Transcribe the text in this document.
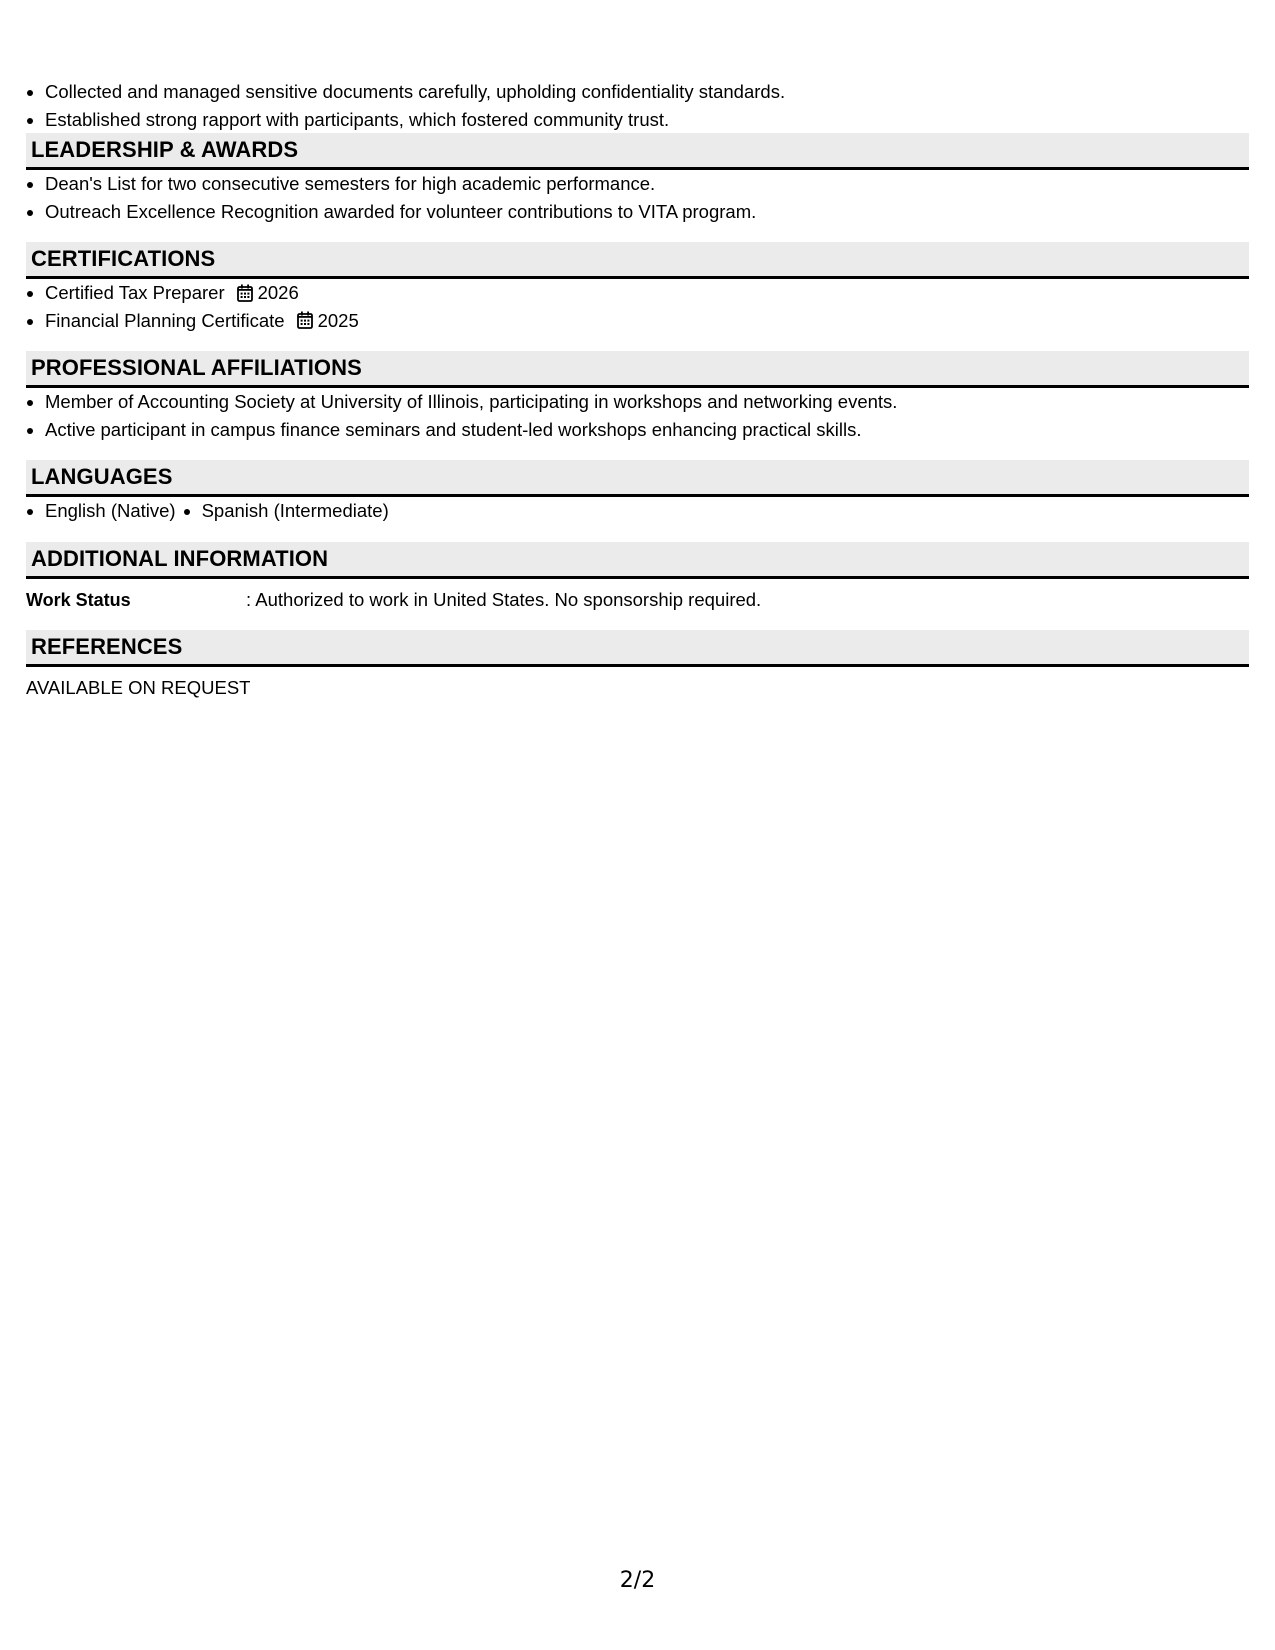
• Collected and managed sensitive documents carefully, upholding confidentiality standards.
• Established strong rapport with participants, which fostered community trust.
LEADERSHIP & AWARDS
• Dean's List for two consecutive semesters for high academic performance.
• Outreach Excellence Recognition awarded for volunteer contributions to VITA program.
CERTIFICATIONS
• Certified Tax Preparer 2026
• Financial Planning Certificate 2025
PROFESSIONAL AFFILIATIONS
• Member of Accounting Society at University of Illinois, participating in workshops and networking events.
• Active participant in campus finance seminars and student-led workshops enhancing practical skills.
LANGUAGES
• English (Native)
• Spanish (Intermediate)
ADDITIONAL INFORMATION
Work Status	: Authorized to work in United States. No sponsorship required.
REFERENCES
AVAILABLE ON REQUEST
2/2
